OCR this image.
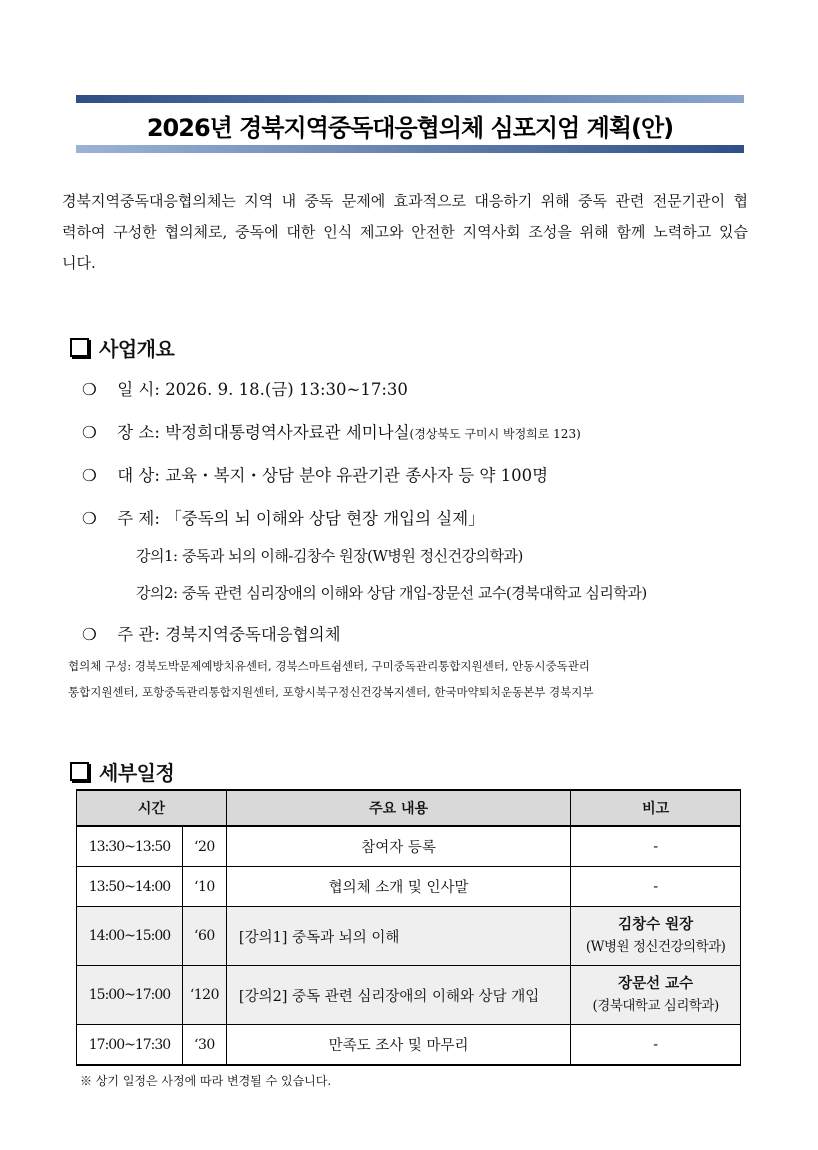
2026년 경북지역중독대응협의체 심포지엄 계획(안)
경북지역중독대응협의체는 지역 내 중독 문제에 효과적으로 대응하기 위해 중독 관련 전문기관이 협력하여 구성한 협의체로, 중독에 대한 인식 제고와 안전한 지역사회 조성을 위해 함께 노력하고 있습니다.
사업개요
❍ 일 시: 2026. 9. 18.(금) 13:30~17:30
❍ 장 소: 박정희대통령역사자료관 세미나실(경상북도 구미시 박정희로 123)
❍ 대 상: 교육・복지・상담 분야 유관기관 종사자 등 약 100명
❍ 주 제: 「중독의 뇌 이해와 상담 현장 개입의 실제」
강의1: 중독과 뇌의 이해-김창수 원장(W병원 정신건강의학과)
강의2: 중독 관련 심리장애의 이해와 상담 개입-장문선 교수(경북대학교 심리학과)
❍ 주 관: 경북지역중독대응협의체
협의체 구성: 경북도박문제예방치유센터, 경북스마트쉼센터, 구미중독관리통합지원센터, 안동시중독관리
통합지원센터, 포항중독관리통합지원센터, 포항시북구정신건강복지센터, 한국마약퇴치운동본부 경북지부
세부일정
시간		주요 내용	비고
13:30~13:50	‘20	참여자 등록	-
13:50~14:00	‘10	협의체 소개 및 인사말	-
14:00~15:00	‘60	[강의1] 중독과 뇌의 이해	김창수 원장
(W병원 정신건강의학과)

15:00~17:00	‘120	[강의2] 중독 관련 심리장애의 이해와 상담 개입	장문선 교수
(경북대학교 심리학과)

17:00~17:30	‘30	만족도 조사 및 마무리	-
※ 상기 일정은 사정에 따라 변경될 수 있습니다.
